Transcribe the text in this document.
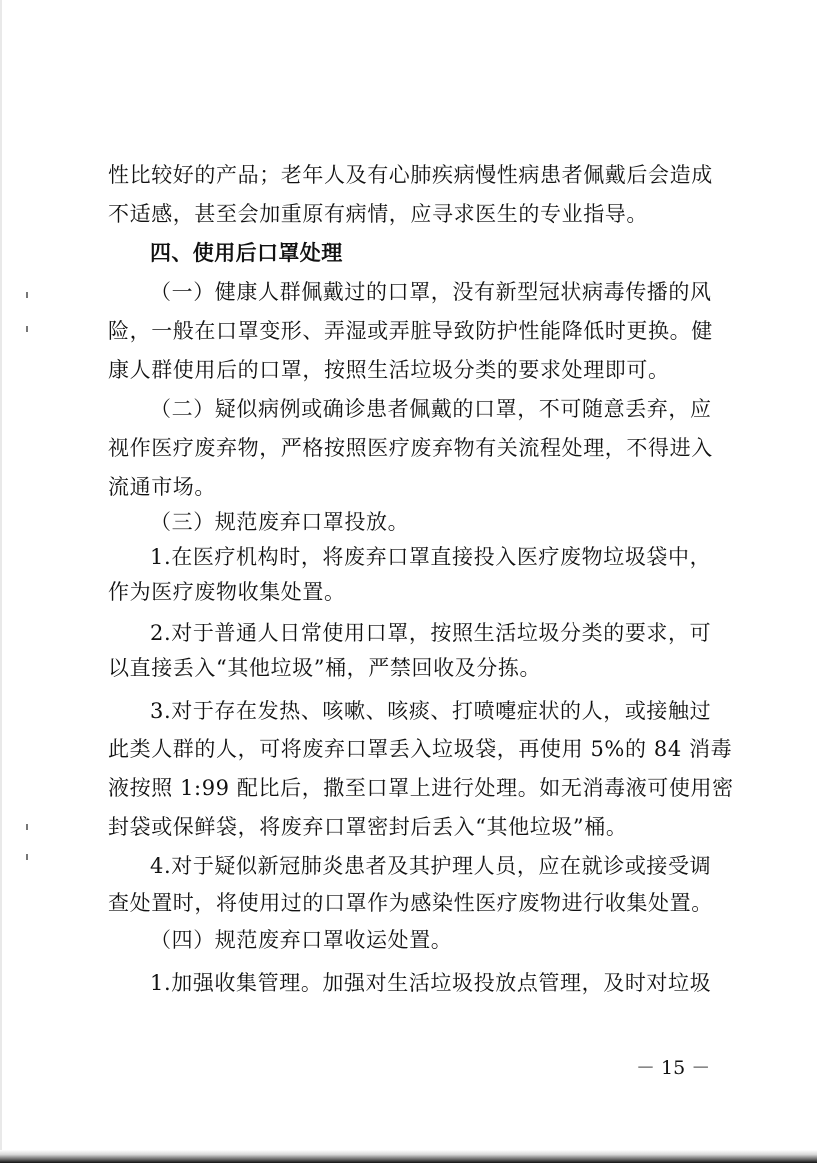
性比较好的产品；老年人及有心肺疾病慢性病患者佩戴后会造成
不适感，甚至会加重原有病情，应寻求医生的专业指导。
四、使用后口罩处理
（一）健康人群佩戴过的口罩，没有新型冠状病毒传播的风
险，一般在口罩变形、弄湿或弄脏导致防护性能降低时更换。健
康人群使用后的口罩，按照生活垃圾分类的要求处理即可。
（二）疑似病例或确诊患者佩戴的口罩，不可随意丢弃，应
视作医疗废弃物，严格按照医疗废弃物有关流程处理，不得进入
流通市场。
（三）规范废弃口罩投放。
1.在医疗机构时，将废弃口罩直接投入医疗废物垃圾袋中，
作为医疗废物收集处置。
2.对于普通人日常使用口罩，按照生活垃圾分类的要求，可
以直接丢入“其他垃圾”桶，严禁回收及分拣。
3.对于存在发热、咳嗽、咳痰、打喷嚏症状的人，或接触过
此类人群的人，可将废弃口罩丢入垃圾袋，再使用 5%的 84 消毒
液按照 1:99 配比后，撒至口罩上进行处理。如无消毒液可使用密
封袋或保鲜袋，将废弃口罩密封后丢入“其他垃圾”桶。
4.对于疑似新冠肺炎患者及其护理人员，应在就诊或接受调
查处置时，将使用过的口罩作为感染性医疗废物进行收集处置。
（四）规范废弃口罩收运处置。
1.加强收集管理。加强对生活垃圾投放点管理，及时对垃圾
－ 15 －
